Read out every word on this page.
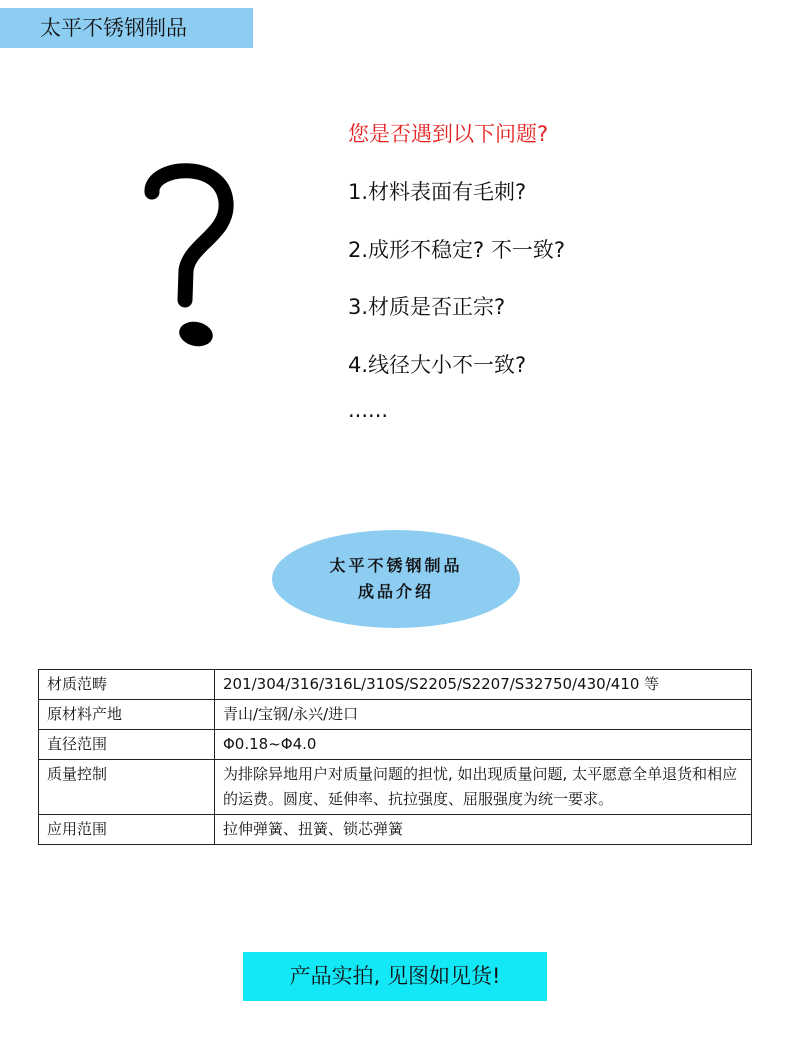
太平不锈钢制品
您是否遇到以下问题?
1.材料表面有毛刺?
2.成形不稳定? 不一致?
3.材质是否正宗?
4.线径大小不一致?
......
太平不锈钢制品
成品介绍
材质范畴	201/304/316/316L/310S/S2205/S2207/S32750/430/410 等
原材料产地	青山/宝钢/永兴/进口
直径范围	Φ0.18~Φ4.0
质量控制	为排除异地用户对质量问题的担忧, 如出现质量问题, 太平愿意全单退货和相应的运费。圆度、延伸率、抗拉强度、屈服强度为统一要求。
应用范围	拉伸弹簧、扭簧、锁芯弹簧
产品实拍, 见图如见货!
